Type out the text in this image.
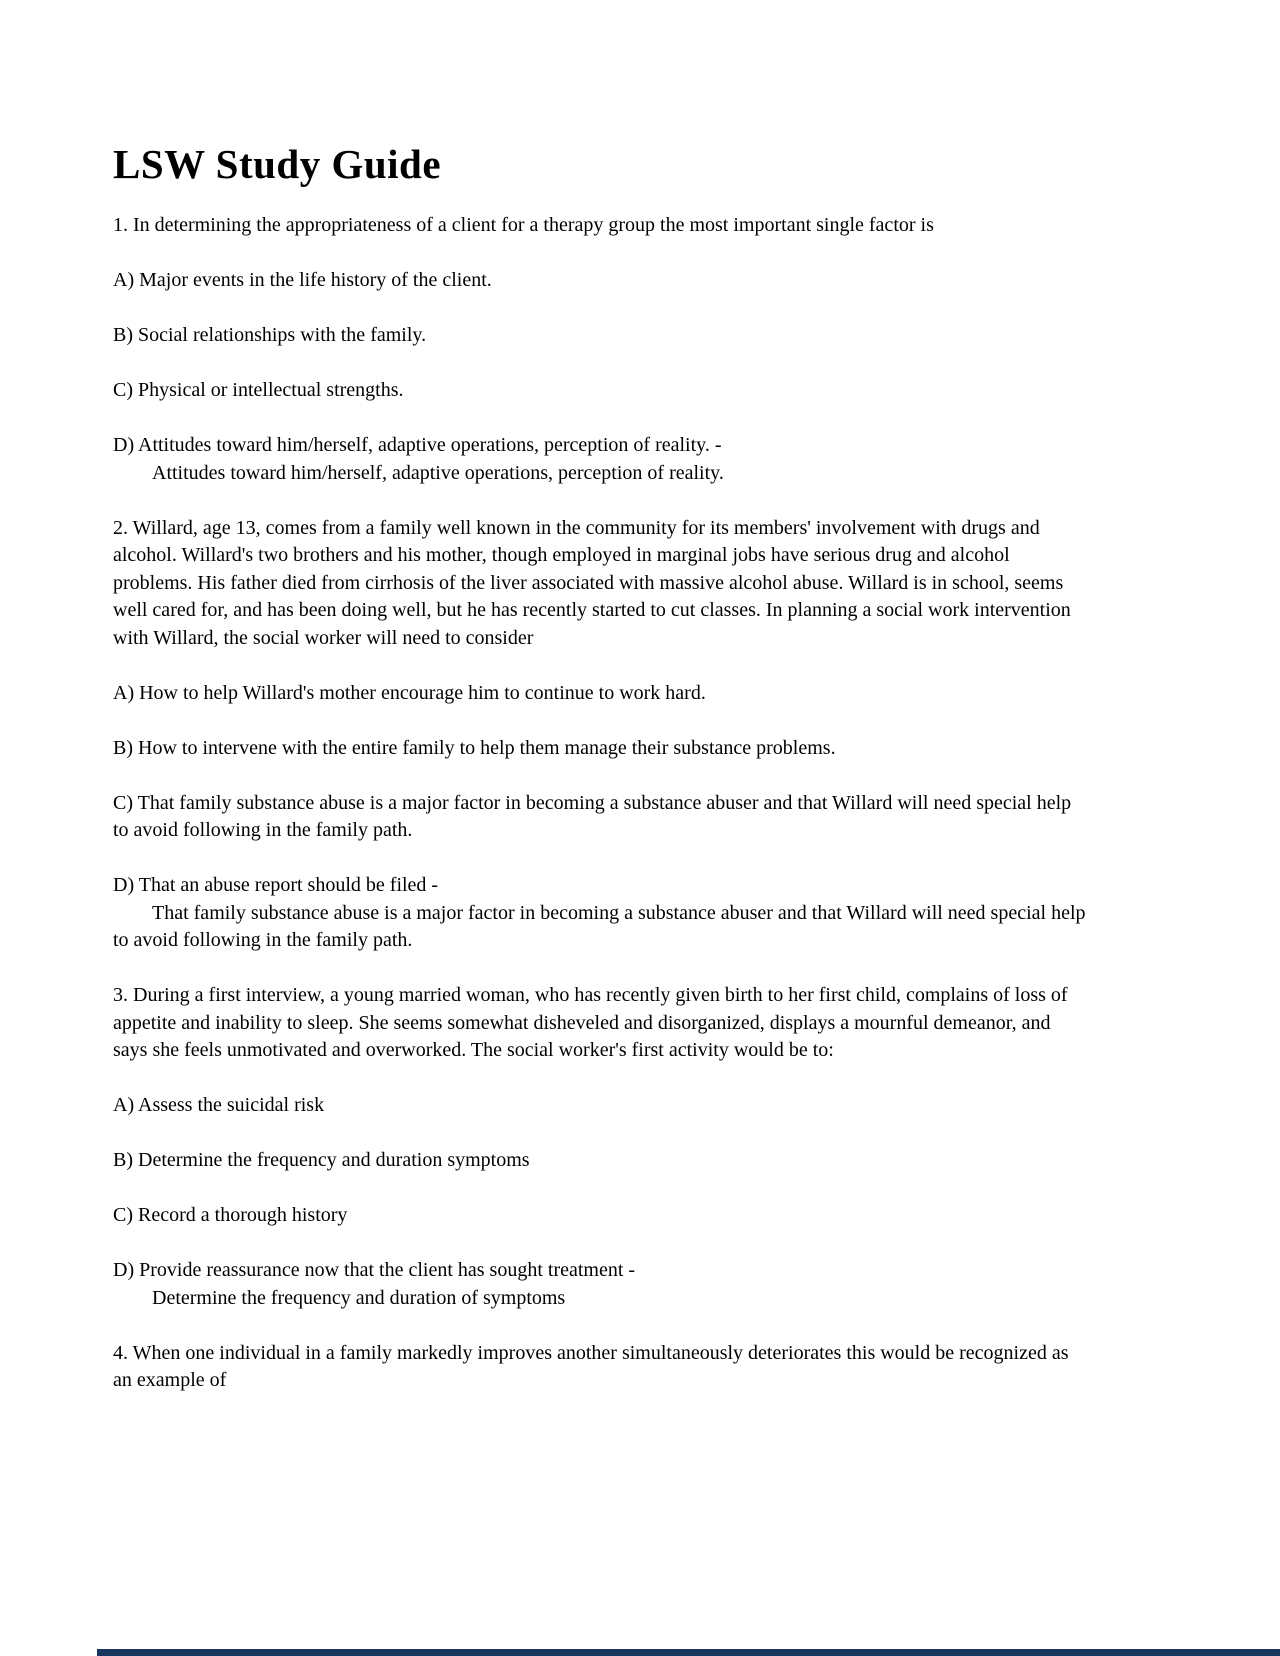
LSW Study Guide

1. In determining the appropriateness of a client for a therapy group the most important single factor is

A) Major events in the life history of the client.

B) Social relationships with the family.

C) Physical or intellectual strengths.

D) Attitudes toward him/herself, adaptive operations, perception of reality. -
Attitudes toward him/herself, adaptive operations, perception of reality.

2. Willard, age 13, comes from a family well known in the community for its members' involvement with drugs and alcohol. Willard's two brothers and his mother, though employed in marginal jobs have serious drug and alcohol problems. His father died from cirrhosis of the liver associated with massive alcohol abuse. Willard is in school, seems well cared for, and has been doing well, but he has recently started to cut classes. In planning a social work intervention with Willard, the social worker will need to consider

A) How to help Willard's mother encourage him to continue to work hard.

B) How to intervene with the entire family to help them manage their substance problems.

C) That family substance abuse is a major factor in becoming a substance abuser and that Willard will need special help to avoid following in the family path.

D) That an abuse report should be filed -
That family substance abuse is a major factor in becoming a substance abuser and that Willard will need special help to avoid following in the family path.

3. During a first interview, a young married woman, who has recently given birth to her first child, complains of loss of appetite and inability to sleep. She seems somewhat disheveled and disorganized, displays a mournful demeanor, and says she feels unmotivated and overworked. The social worker's first activity would be to:

A) Assess the suicidal risk

B) Determine the frequency and duration symptoms

C) Record a thorough history

D) Provide reassurance now that the client has sought treatment -
Determine the frequency and duration of symptoms

4. When one individual in a family markedly improves another simultaneously deteriorates this would be recognized as an example of
